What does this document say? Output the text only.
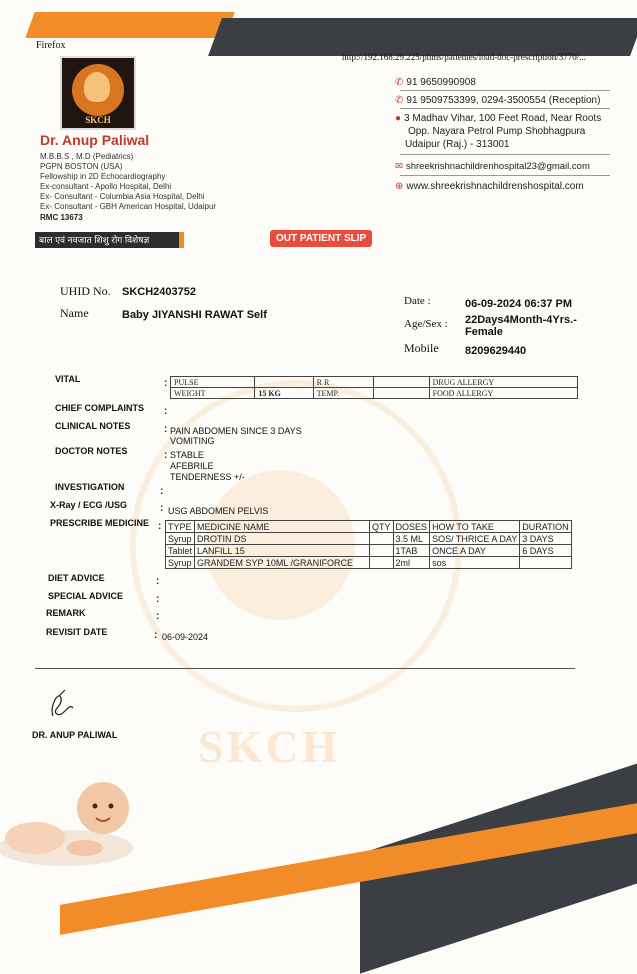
Firefox
http://192.168.29.225/phms/patientes/load-doc-prescription/3770/...
SKCH
SKCH
Dr. Anup Paliwal
M.B.B.S , M.D (Pediatrics)
PGPN BOSTON (USA)
Fellowship in 2D Echocardiography
Ex-consultant - Apollo Hospital, Delhi
Ex- Consultant - Columbia Asia Hospital, Delhi
Ex- Consultant - GBH American Hospital, Udaipur
RMC 13673
बाल एवं नवजात शिशु रोग विशेषज्ञ	OUT PATIENT SLIP
✆ 91 9650990908
✆ 91 9509753399, 0294-3500554 (Reception)
● 3 Madhav Vihar, 100 Feet Road, Near Roots
Opp. Nayara Petrol Pump Shobhagpura
Udaipur (Raj.) - 313001
✉ shreekrishnachildrenhospital23@gmail.com
⊕ www.shreekrishnachildrenshospital.com
UHID No. SKCH2403752
Name	Baby JIYANSHI RAWAT Self
Date :	06-09-2024 06:37 PM
Age/Sex : 22Days4Month-4Yrs.-
Female
Mobile 8209629440
VITAL	: PULSE		R R		DRUG ALLERGY
WEIGHT	15 KG	TEMP.		FOOD ALLERGY
CHIEF COMPLAINTS :
CLINICAL NOTES	: PAIN ABDOMEN SINCE 3 DAYS
VOMITING
DOCTOR NOTES	: STABLE
AFEBRILE
TENDERNESS +/-
INVESTIGATION	:
X-Ray / ECG /USG	: USG ABDOMEN PELVIS
PRESCRIBE MEDICINE : TYPE	MEDICINE NAME	QTY	DOSES	HOW TO TAKE	DURATION
Syrup	DROTIN DS		3.5 ML	SOS/ THRICE A DAY	3 DAYS
Tablet	LANFILL 15		1TAB	ONCE A DAY	6 DAYS
Syrup	GRANDEM SYP 10ML /GRANIFORCE		2ml	sos	
DIET ADVICE	:
SPECIAL ADVICE	:
REMARK	:
REVISIT DATE	: 06-09-2024
DR. ANUP PALIWAL
